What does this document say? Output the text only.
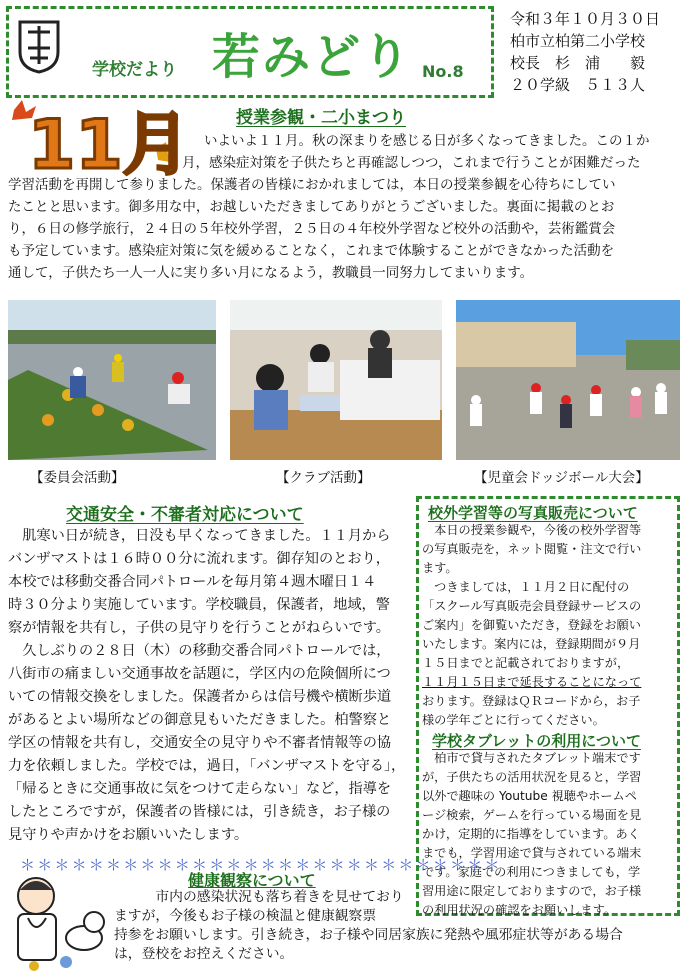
学校だより 若みどり No.8
令和３年１０月３０日
柏市立柏第二小学校
校長　杉　浦　　毅
２０学級　５１３人
11月	授業参観・二小まつり
いよいよ１１月。秋の深まりを感じる日が多くなってきました。この１か
月，感染症対策を子供たちと再確認しつつ，これまで行うことが困難だった
学習活動を再開して参りました。保護者の皆様におかれましては，本日の授業参観を心待ちにしてい
たことと思います。御多用な中，お越しいただきましてありがとうございました。裏面に掲載のとお
り，６日の修学旅行，２４日の５年校外学習，２５日の４年校外学習など校外の活動や，芸術鑑賞会
も予定しています。感染症対策に気を緩めることなく，これまで体験することができなかった活動を
通して，子供たち一人一人に実り多い月になるよう，教職員一同努力してまいります。
【委員会活動】	【クラブ活動】	【児童会ドッジボール大会】
交通安全・不審者対応について
　肌寒い日が続き，日没も早くなってきました。１１月から
バンザマストは１６時００分に流れます。御存知のとおり，
本校では移動交番合同パトロールを毎月第４週木曜日１４
時３０分より実施しています。学校職員，保護者，地域，警
察が情報を共有し，子供の見守りを行うことがねらいです。
　久しぶりの２８日（木）の移動交番合同パトロールでは，
八街市の痛ましい交通事故を話題に，学区内の危険個所につ
いての情報交換をしました。保護者からは信号機や横断歩道
があるとよい場所などの御意見もいただきました。柏警察と
学区の情報を共有し，交通安全の見守りや不審者情報等の協
力を依頼しました。学校では，過日，「バンザマストを守る」，
「帰るときに交通事故に気をつけて走らない」など，指導を
したところですが，保護者の皆様には，引き続き，お子様の
見守りや声かけをお願いいたします。
校外学習等の写真販売について
　本日の授業参観や，今後の校外学習等
の写真販売を，ネット閲覧・注文で行い
ます。
　つきましては，１１月２日に配付の
「スクール写真販売会員登録サービスの
ご案内」を御覧いただき，登録をお願い
いたします。案内には，登録期間が９月
１５日までと記載されておりますが，
１１月１５日まで延長することになって
おります。登録はＱＲコードから，お子
様の学年ごとに行ってください。
学校タブレットの利用について
　柏市で貸与されたタブレット端末です
が，子供たちの活用状況を見ると，学習
以外で趣味の Youtube 視聴やホームペ
ージ検索，ゲームを行っている場面を見
かけ，定期的に指導をしています。あく
までも，学習用途で貸与されている端末
です。家庭での利用につきましても，学
習用途に限定しておりますので，お子様
の利用状況の確認をお願いします。
＊＊＊＊＊＊＊＊＊＊＊＊＊＊＊＊＊＊＊＊＊＊＊＊＊＊＊＊
健康観察について
　　　市内の感染状況も落ち着きを見せており
ますが，今後もお子様の検温と健康観察票
持参をお願いします。引き続き，お子様や同居家族に発熱や風邪症状等がある場合
は，登校をお控えください。
